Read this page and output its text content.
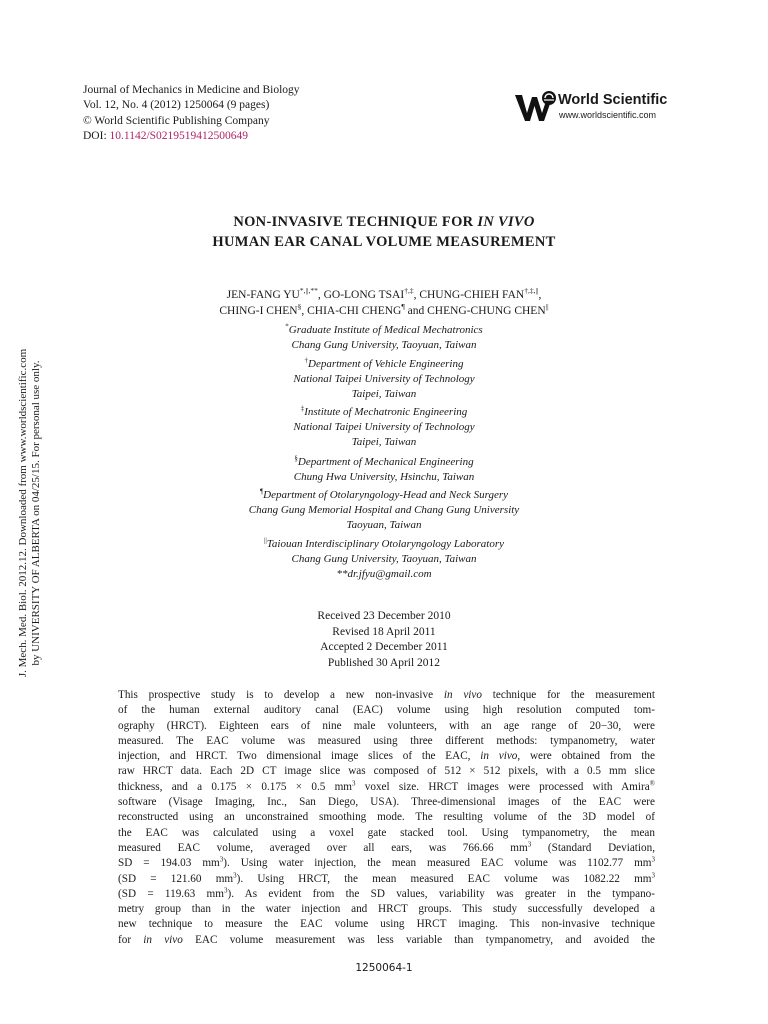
Journal of Mechanics in Medicine and Biology
Vol. 12, No. 4 (2012) 1250064 (9 pages)
© World Scientific Publishing Company
DOI: 10.1142/S0219519412500649
World Scientific
www.worldscientific.com
J. Mech. Med. Biol. 2012.12. Downloaded from www.worldscientific.com by UNIVERSITY OF ALBERTA on 04/25/15. For personal use only.
NON-INVASIVE TECHNIQUE FOR IN VIVO
HUMAN EAR CANAL VOLUME MEASUREMENT
JEN-FANG YU*,||,**, GO-LONG TSAI†,‡, CHUNG-CHIEH FAN†,‡,||,
CHING-I CHEN§, CHIA-CHI CHENG¶ and CHENG-CHUNG CHEN||
*Graduate Institute of Medical Mechatronics
Chang Gung University, Taoyuan, Taiwan
†Department of Vehicle Engineering
National Taipei University of Technology
Taipei, Taiwan
‡Institute of Mechatronic Engineering
National Taipei University of Technology
Taipei, Taiwan
§Department of Mechanical Engineering
Chung Hwa University, Hsinchu, Taiwan
¶Department of Otolaryngology-Head and Neck Surgery
Chang Gung Memorial Hospital and Chang Gung University
Taoyuan, Taiwan
||Taiouan Interdisciplinary Otolaryngology Laboratory
Chang Gung University, Taoyuan, Taiwan
**dr.jfyu@gmail.com
Received 23 December 2010
Revised 18 April 2011
Accepted 2 December 2011
Published 30 April 2012
This prospective study is to develop a new non-invasive in vivo technique for the measurement
of the human external auditory canal (EAC) volume using high resolution computed tom-
ography (HRCT). Eighteen ears of nine male volunteers, with an age range of 20−30, were
measured. The EAC volume was measured using three different methods: tympanometry, water
injection, and HRCT. Two dimensional image slices of the EAC, in vivo, were obtained from the
raw HRCT data. Each 2D CT image slice was composed of 512 × 512 pixels, with a 0.5 mm slice
thickness, and a 0.175 × 0.175 × 0.5 $mm^3$ voxel size. HRCT images were processed with Amira®
software (Visage Imaging, Inc., San Diego, USA). Three-dimensional images of the EAC were
reconstructed using an unconstrained smoothing mode. The resulting volume of the 3D model of
the EAC was calculated using a voxel gate stacked tool. Using tympanometry, the mean
measured EAC volume, averaged over all ears, was 766.66 $mm^3$ (Standard Deviation,
SD = 194.03 $mm^3$). Using water injection, the mean measured EAC volume was 1102.77 $mm^3$
(SD = 121.60 $mm^3$). Using HRCT, the mean measured EAC volume was 1082.22 $mm^3$
(SD = 119.63 $mm^3$). As evident from the SD values, variability was greater in the tympano-
metry group than in the water injection and HRCT groups. This study successfully developed a
new technique to measure the EAC volume using HRCT imaging. This non-invasive technique
for in vivo EAC volume measurement was less variable than tympanometry, and avoided the
1250064-1
